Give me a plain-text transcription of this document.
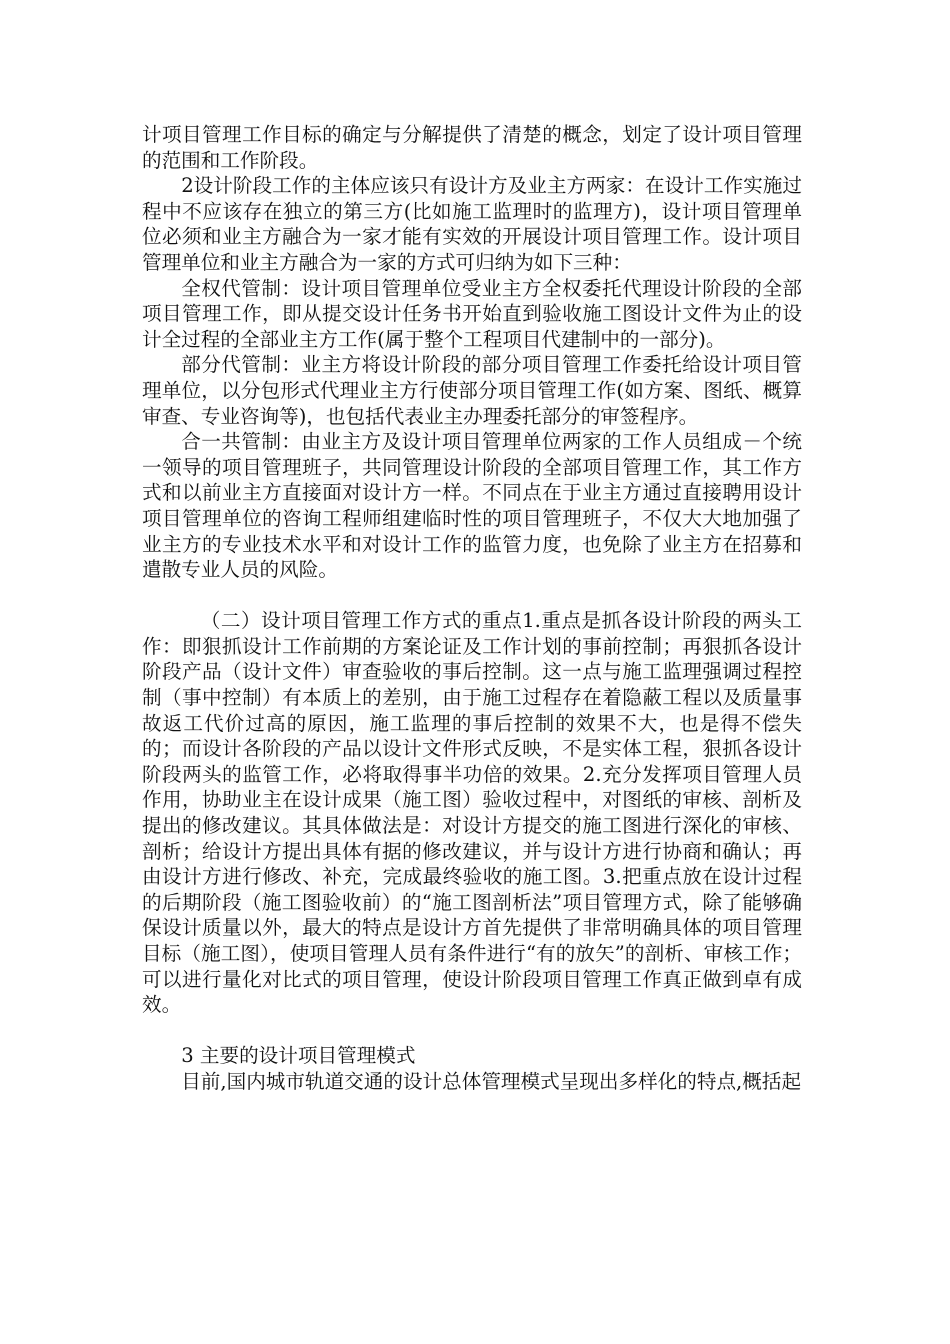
计项目管理工作目标的确定与分解提供了清楚的概念，划定了设计项目管理的范围和工作阶段。

2设计阶段工作的主体应该只有设计方及业主方两家：在设计工作实施过程中不应该存在独立的第三方(比如施工监理时的监理方)，设计项目管理单位必须和业主方融合为一家才能有实效的开展设计项目管理工作。设计项目管理单位和业主方融合为一家的方式可归纳为如下三种：

全权代管制：设计项目管理单位受业主方全权委托代理设计阶段的全部项目管理工作，即从提交设计任务书开始直到验收施工图设计文件为止的设计全过程的全部业主方工作(属于整个工程项目代建制中的一部分)。

部分代管制：业主方将设计阶段的部分项目管理工作委托给设计项目管理单位，以分包形式代理业主方行使部分项目管理工作(如方案、图纸、概算审查、专业咨询等)，也包括代表业主办理委托部分的审签程序。

合一共管制：由业主方及设计项目管理单位两家的工作人员组成－个统一领导的项目管理班子，共同管理设计阶段的全部项目管理工作，其工作方式和以前业主方直接面对设计方一样。不同点在于业主方通过直接聘用设计项目管理单位的咨询工程师组建临时性的项目管理班子，不仅大大地加强了业主方的专业技术水平和对设计工作的监管力度，也免除了业主方在招募和遣散专业人员的风险。

（二）设计项目管理工作方式的重点1.重点是抓各设计阶段的两头工作：即狠抓设计工作前期的方案论证及工作计划的事前控制；再狠抓各设计阶段产品（设计文件）审查验收的事后控制。这一点与施工监理强调过程控制（事中控制）有本质上的差别，由于施工过程存在着隐蔽工程以及质量事故返工代价过高的原因，施工监理的事后控制的效果不大，也是得不偿失的；而设计各阶段的产品以设计文件形式反映，不是实体工程，狠抓各设计阶段两头的监管工作，必将取得事半功倍的效果。2.充分发挥项目管理人员作用，协助业主在设计成果（施工图）验收过程中，对图纸的审核、剖析及提出的修改建议。其具体做法是：对设计方提交的施工图进行深化的审核、剖析；给设计方提出具体有据的修改建议，并与设计方进行协商和确认；再由设计方进行修改、补充，完成最终验收的施工图。3.把重点放在设计过程的后期阶段（施工图验收前）的“施工图剖析法”项目管理方式，除了能够确保设计质量以外，最大的特点是设计方首先提供了非常明确具体的项目管理目标（施工图），使项目管理人员有条件进行“有的放矢”的剖析、审核工作；可以进行量化对比式的项目管理，使设计阶段项目管理工作真正做到卓有成效。

3 主要的设计项目管理模式

目前,国内城市轨道交通的设计总体管理模式呈现出多样化的特点,概括起
